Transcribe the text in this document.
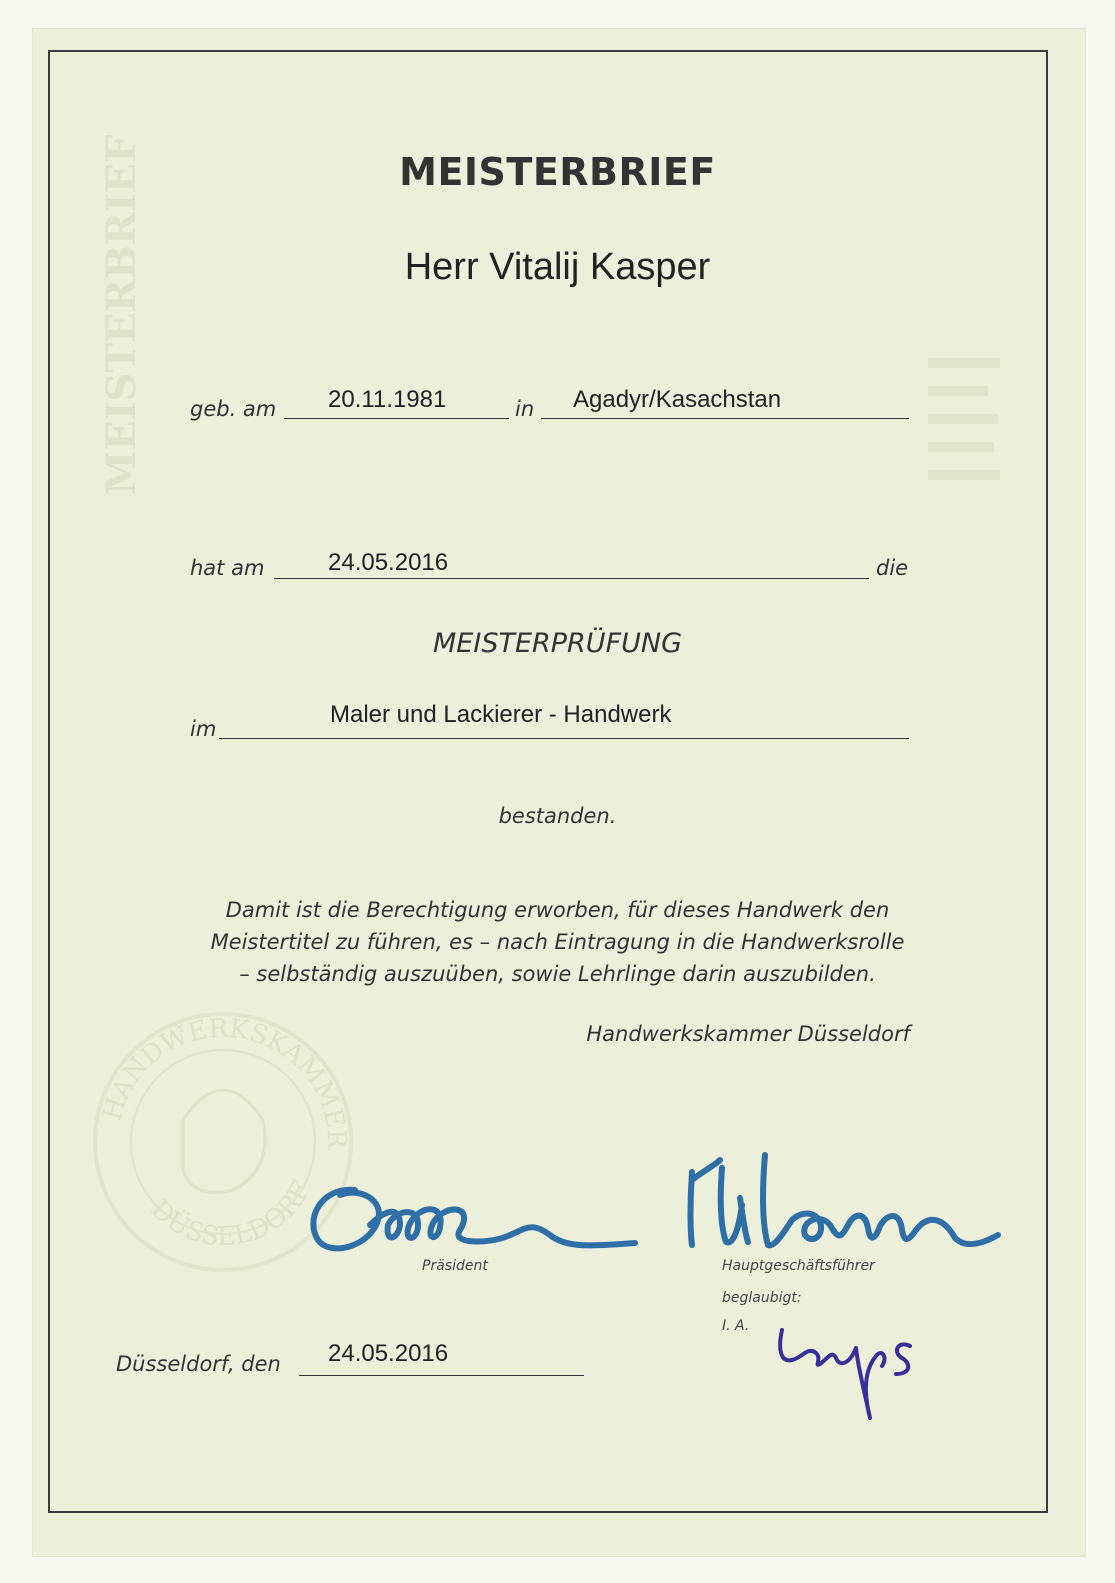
MEISTERBRIEF
HANDWERKSKAMMER
DÜSSELDORF
MEISTERBRIEF
Herr Vitalij Kasper
geb. am 20.11.1981	in Agadyr/Kasachstan
hat am	24.05.2016	die
MEISTERPRÜFUNG
im
Maler und Lackierer - Handwerk
bestanden.
Damit ist die Berechtigung erworben, für dieses Handwerk den
Meistertitel zu führen, es – nach Eintragung in die Handwerksrolle
– selbständig auszuüben, sowie Lehrlinge darin auszubilden.
Handwerkskammer Düsseldorf
Präsident	Hauptgeschäftsführer
beglaubigt:
I. A.
Düsseldorf, den 24.05.2016
